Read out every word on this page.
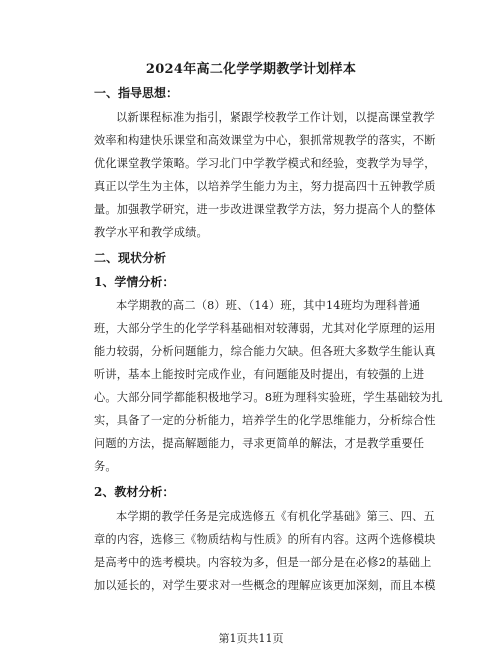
2024年高二化学学期教学计划样本
一、指导思想：
以新课程标准为指引，紧跟学校教学工作计划，以提高课堂教学
效率和构建快乐课堂和高效课堂为中心，狠抓常规教学的落实，不断
优化课堂教学策略。学习北门中学教学模式和经验，变教学为导学，
真正以学生为主体，以培养学生能力为主，努力提高四十五钟教学质
量。加强教学研究，进一步改进课堂教学方法，努力提高个人的整体
教学水平和教学成绩。
二、现状分析
1、学情分析：
本学期教的高二（8）班、（14）班，其中14班均为理科普通
班，大部分学生的化学学科基础相对较薄弱，尤其对化学原理的运用
能力较弱，分析问题能力，综合能力欠缺。但各班大多数学生能认真
听讲，基本上能按时完成作业，有问题能及时提出，有较强的上进
心。大部分同学都能积极地学习。8班为理科实验班，学生基础较为扎
实，具备了一定的分析能力，培养学生的化学思维能力，分析综合性
问题的方法，提高解题能力，寻求更简单的解法，才是教学重要任
务。
2、教材分析：
本学期的教学任务是完成选修五《有机化学基础》第三、四、五
章的内容，选修三《物质结构与性质》的所有内容。这两个选修模块
是高考中的选考模块。内容较为多，但是一部分是在必修2的基础上
加以延长的，对学生要求对一些概念的理解应该更加深刻，而且本模
第1页共11页
